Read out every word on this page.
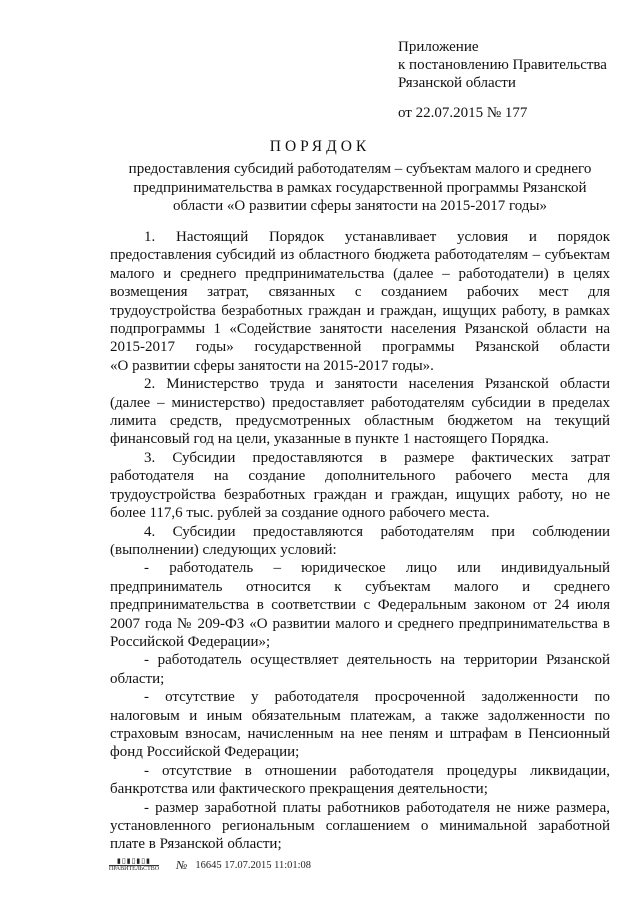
Приложение
к постановлению Правительства
Рязанской области
от 22.07.2015 № 177
ПОРЯДОК
предоставления субсидий работодателям – субъектам малого и среднего
предпринимательства в рамках государственной программы Рязанской
области «О развитии сферы занятости на 2015-2017 годы»
1. Настоящий Порядок устанавливает условия и порядок
предоставления субсидий из областного бюджета работодателям – субъектам
малого и среднего предпринимательства (далее – работодатели) в целях
возмещения затрат, связанных с созданием рабочих мест для
трудоустройства безработных граждан и граждан, ищущих работу, в рамках
подпрограммы 1 «Содействие занятости населения Рязанской области на
2015-2017 годы» государственной программы Рязанской области
«О развитии сферы занятости на 2015-2017 годы».
2. Министерство труда и занятости населения Рязанской области
(далее – министерство) предоставляет работодателям субсидии в пределах
лимита средств, предусмотренных областным бюджетом на текущий
финансовый год на цели, указанные в пункте 1 настоящего Порядка.
3. Субсидии предоставляются в размере фактических затрат
работодателя на создание дополнительного рабочего места для
трудоустройства безработных граждан и граждан, ищущих работу, но не
более 117,6 тыс. рублей за создание одного рабочего места.
4. Субсидии предоставляются работодателям при соблюдении
(выполнении) следующих условий:
- работодатель – юридическое лицо или индивидуальный
предприниматель относится к субъектам малого и среднего
предпринимательства в соответствии с Федеральным законом от 24 июля
2007 года № 209-ФЗ «О развитии малого и среднего предпринимательства в
Российской Федерации»;
- работодатель осуществляет деятельность на территории Рязанской
области;
- отсутствие у работодателя просроченной задолженности по
налоговым и иным обязательным платежам, а также задолженности по
страховым взносам, начисленным на нее пеням и штрафам в Пенсионный
фонд Российской Федерации;
- отсутствие в отношении работодателя процедуры ликвидации,
банкротства или фактического прекращения деятельности;
- размер заработной платы работников работодателя не ниже размера,
установленного региональным соглашением о минимальной заработной
плате в Рязанской области;
▮▯▮▯▮▯▮
ПРАВИТЕЛЬСТВО № 16645 17.07.2015 11:01:08
